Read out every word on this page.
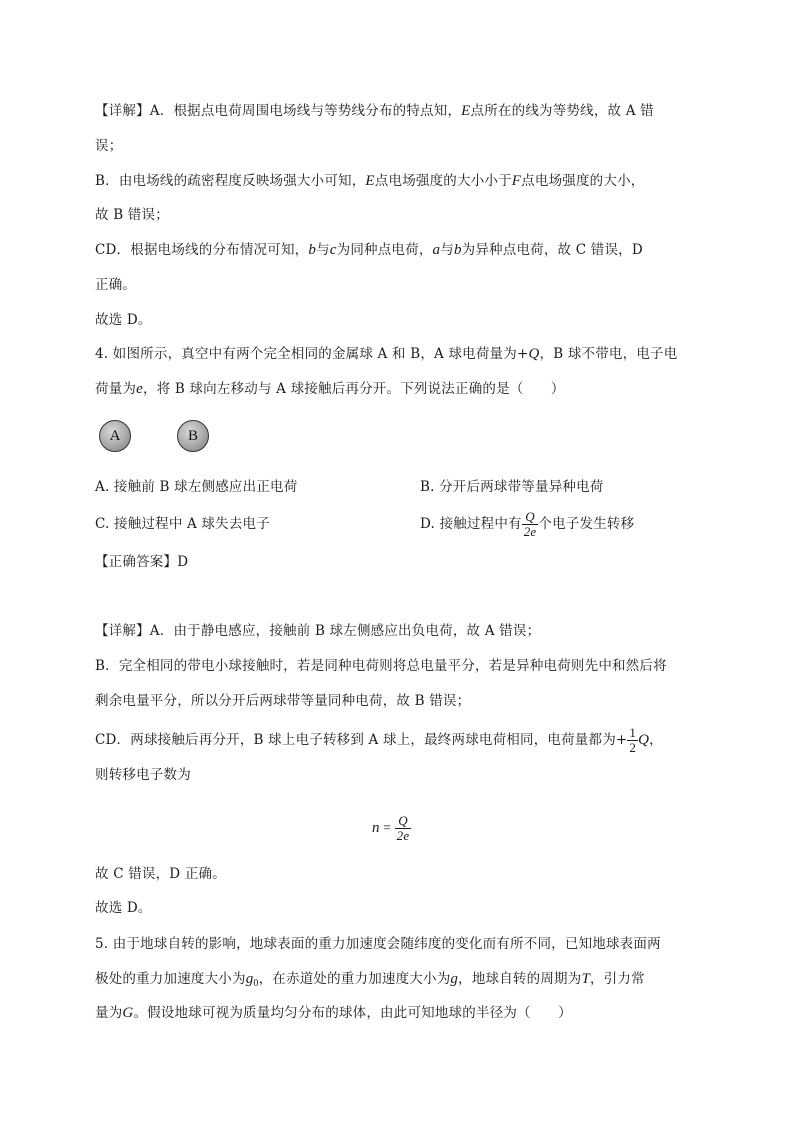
【详解】A．根据点电荷周围电场线与等势线分布的特点知，E点所在的线为等势线，故 A 错
误；
B．由电场线的疏密程度反映场强大小可知，E点电场强度的大小小于F点电场强度的大小，
故 B 错误；
CD．根据电场线的分布情况可知，b与c为同种点电荷，a与b为异种点电荷，故 C 错误，D
正确。
故选 D。
4. 如图所示，真空中有两个完全相同的金属球 A 和 B，A 球电荷量为+Q，B 球不带电，电子电
荷量为e，将 B 球向左移动与 A 球接触后再分开。下列说法正确的是（　　）
A	B
A. 接触前 B 球左侧感应出正电荷	B. 分开后两球带等量异种电荷
C. 接触过程中 A 球失去电子	D. 接触过程中有 $\frac{Q}{2e}$ 个电子发生转移
【正确答案】D
【详解】A．由于静电感应，接触前 B 球左侧感应出负电荷，故 A 错误；
B．完全相同的带电小球接触时，若是同种电荷则将总电量平分，若是异种电荷则先中和然后将
剩余电量平分，所以分开后两球带等量同种电荷，故 B 错误；
CD．两球接触后再分开，B 球上电子转移到 A 球上，最终两球电荷相同，电荷量都为+ $\frac{1}{2}$ Q，
则转移电子数为
$n = \frac{Q}{2e}$
故 C 错误，D 正确。
故选 D。
5. 由于地球自转的影响，地球表面的重力加速度会随纬度的变化而有所不同，已知地球表面两
极处的重力加速度大小为$g_0$，在赤道处的重力加速度大小为g，地球自转的周期为T，引力常
量为G。假设地球可视为质量均匀分布的球体，由此可知地球的半径为（　　）
